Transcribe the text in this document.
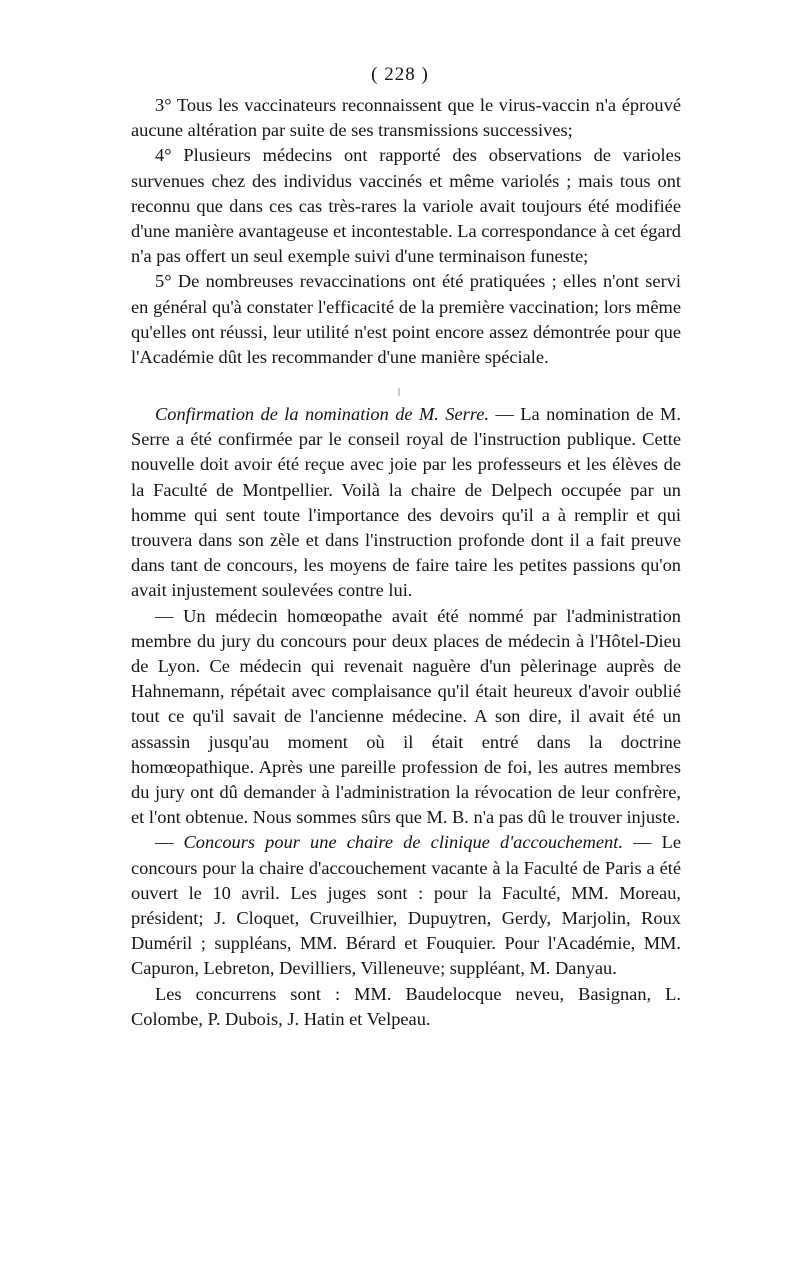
( 228 )

3° Tous les vaccinateurs reconnaissent que le virus-vaccin n'a éprouvé aucune altération par suite de ses transmissions successives;

4° Plusieurs médecins ont rapporté des observations de varioles survenues chez des individus vaccinés et même variolés ; mais tous ont reconnu que dans ces cas très-rares la variole avait toujours été modifiée d'une manière avantageuse et incontestable. La correspondance à cet égard n'a pas offert un seul exemple suivi d'une terminaison funeste;

5° De nombreuses revaccinations ont été pratiquées ; elles n'ont servi en général qu'à constater l'efficacité de la première vaccination; lors même qu'elles ont réussi, leur utilité n'est point encore assez démontrée pour que l'Académie dût les recommander d'une manière spéciale.

Confirmation de la nomination de M. Serre. — La nomination de M. Serre a été confirmée par le conseil royal de l'instruction publique. Cette nouvelle doit avoir été reçue avec joie par les professeurs et les élèves de la Faculté de Montpellier. Voilà la chaire de Delpech occupée par un homme qui sent toute l'importance des devoirs qu'il a à remplir et qui trouvera dans son zèle et dans l'instruction profonde dont il a fait preuve dans tant de concours, les moyens de faire taire les petites passions qu'on avait injustement soulevées contre lui.

— Un médecin homœopathe avait été nommé par l'administration membre du jury du concours pour deux places de médecin à l'Hôtel-Dieu de Lyon. Ce médecin qui revenait naguère d'un pèlerinage auprès de Hahnemann, répétait avec complaisance qu'il était heureux d'avoir oublié tout ce qu'il savait de l'ancienne médecine. A son dire, il avait été un assassin jusqu'au moment où il était entré dans la doctrine homœopathique. Après une pareille profession de foi, les autres membres du jury ont dû demander à l'administration la révocation de leur confrère, et l'ont obtenue. Nous sommes sûrs que M. B. n'a pas dû le trouver injuste.

— Concours pour une chaire de clinique d'accouchement. — Le concours pour la chaire d'accouchement vacante à la Faculté de Paris a été ouvert le 10 avril. Les juges sont : pour la Faculté, MM. Moreau, président; J. Cloquet, Cruveilhier, Dupuytren, Gerdy, Marjolin, Roux Duméril ; suppléans, MM. Bérard et Fouquier. Pour l'Académie, MM. Capuron, Lebreton, Devilliers, Villeneuve; suppléant, M. Danyau.

Les concurrens sont : MM. Baudelocque neveu, Basignan, L. Colombe, P. Dubois, J. Hatin et Velpeau.
